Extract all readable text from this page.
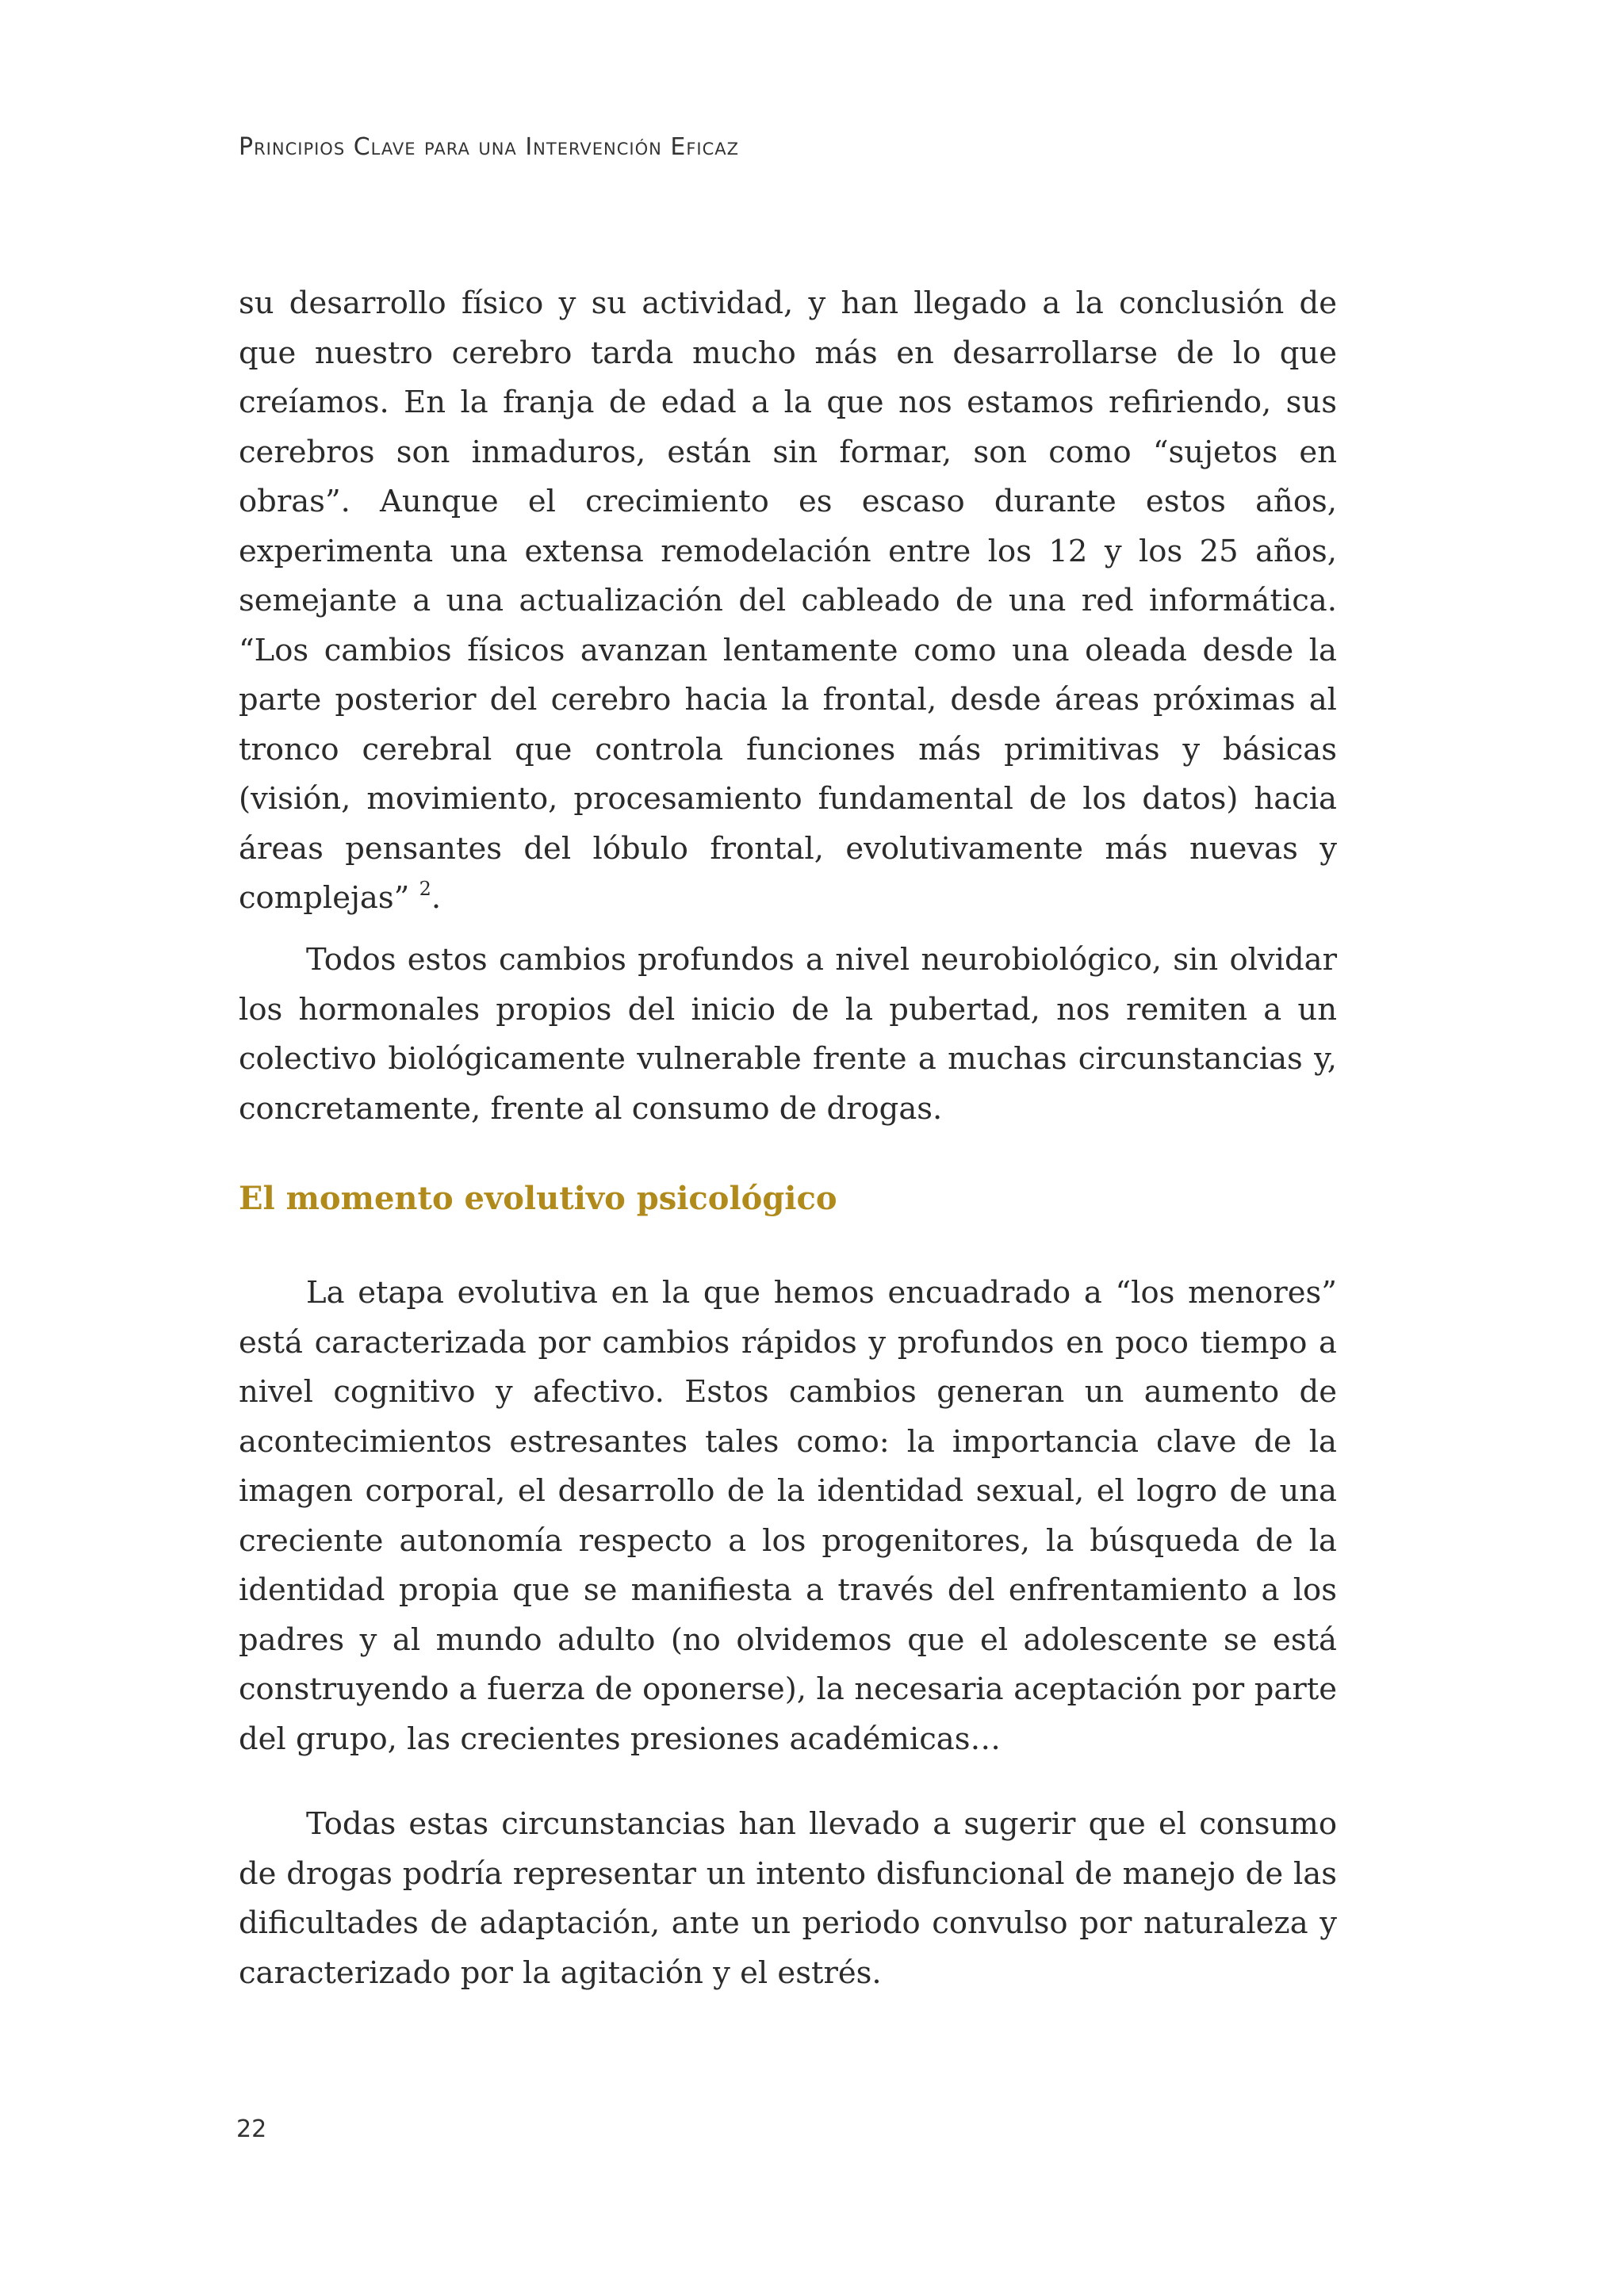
Principios Clave para una Intervención Eficaz

su desarrollo físico y su actividad, y han llegado a la conclusión de que nuestro cerebro tarda mucho más en desarrollarse de lo que creíamos. En la franja de edad a la que nos estamos refiriendo, sus cerebros son inmaduros, están sin formar, son como “sujetos en obras”. Aunque el crecimiento es escaso durante estos años, experimenta una extensa remodelación entre los 12 y los 25 años, semejante a una actualización del cableado de una red informática. “Los cambios físicos avanzan lentamente como una oleada desde la parte posterior del cerebro hacia la frontal, desde áreas próximas al tronco cerebral que controla funciones más primitivas y básicas (visión, movimiento, procesamiento fundamental de los datos) hacia áreas pensantes del lóbulo frontal, evolutivamente más nuevas y complejas” $^2$.

Todos estos cambios profundos a nivel neurobiológico, sin olvidar los hormonales propios del inicio de la pubertad, nos remiten a un colectivo biológicamente vulnerable frente a muchas circunstancias y, concretamente, frente al consumo de drogas.

El momento evolutivo psicológico

La etapa evolutiva en la que hemos encuadrado a “los menores” está caracterizada por cambios rápidos y profundos en poco tiempo a nivel cognitivo y afectivo. Estos cambios generan un aumento de acontecimientos estresantes tales como: la importancia clave de la imagen corporal, el desarrollo de la identidad sexual, el logro de una creciente autonomía respecto a los progenitores, la búsqueda de la identidad propia que se manifiesta a través del enfrentamiento a los padres y al mundo adulto (no olvidemos que el adolescente se está construyendo a fuerza de oponerse), la necesaria aceptación por parte del grupo, las crecientes presiones académicas…

Todas estas circunstancias han llevado a sugerir que el consumo de drogas podría representar un intento disfuncional de manejo de las dificultades de adaptación, ante un periodo convulso por naturaleza y caracterizado por la agitación y el estrés.

22
